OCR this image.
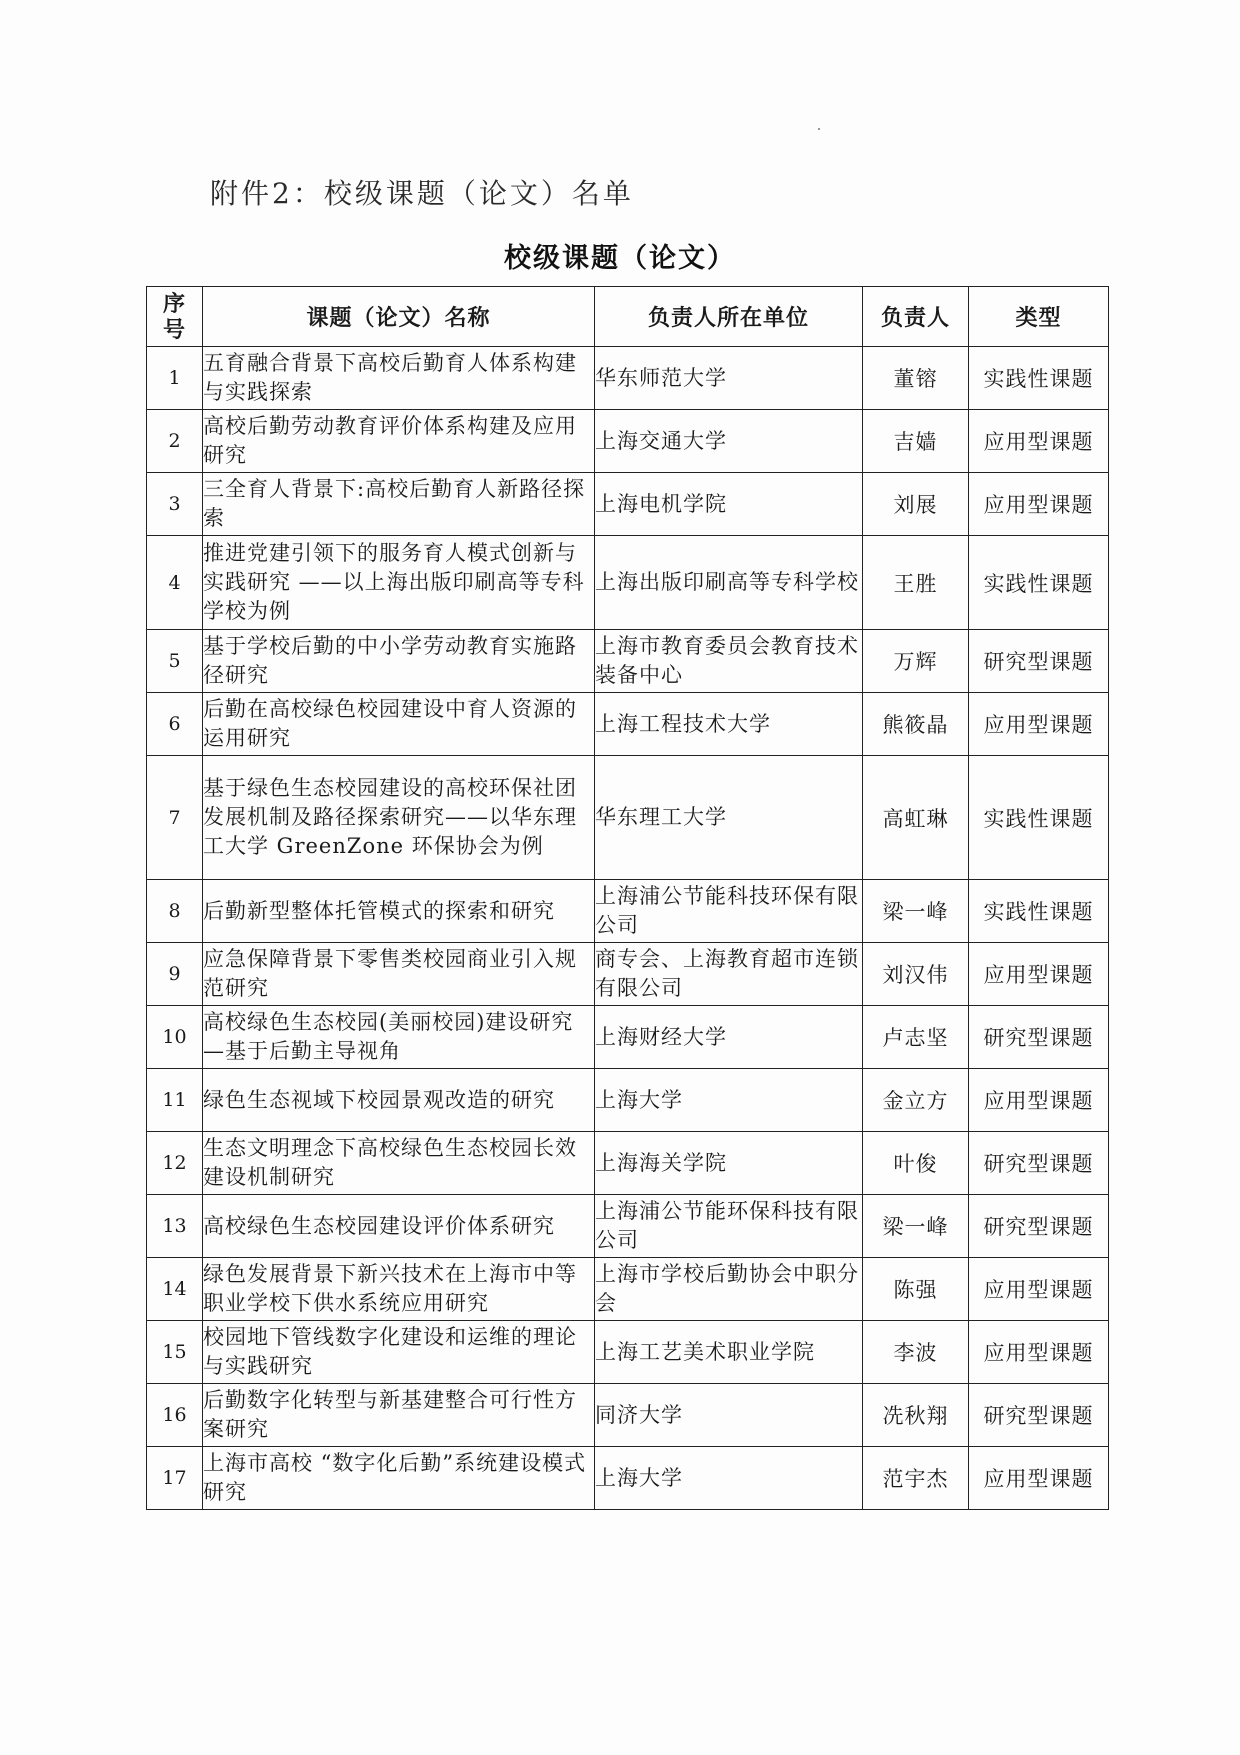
附件2：校级课题（论文）名单
校级课题（论文）
序号	课题（论文）名称	负责人所在单位	负责人	类型
1	五育融合背景下高校后勤育人体系构建与实践探索	华东师范大学	董镕	实践性课题
2	高校后勤劳动教育评价体系构建及应用研究	上海交通大学	吉嫱	应用型课题
3	三全育人背景下:高校后勤育人新路径探索	上海电机学院	刘展	应用型课题
4	推进党建引领下的服务育人模式创新与实践研究 ——以上海出版印刷高等专科学校为例	上海出版印刷高等专科学校	王胜	实践性课题
5	基于学校后勤的中小学劳动教育实施路径研究	上海市教育委员会教育技术装备中心	万辉	研究型课题
6	后勤在高校绿色校园建设中育人资源的运用研究	上海工程技术大学	熊筱晶	应用型课题
7	基于绿色生态校园建设的高校环保社团发展机制及路径探索研究——以华东理工大学 GreenZone 环保协会为例	华东理工大学	高虹琳	实践性课题
8	后勤新型整体托管模式的探索和研究	上海浦公节能科技环保有限公司	梁一峰	实践性课题
9	应急保障背景下零售类校园商业引入规范研究	商专会、上海教育超市连锁有限公司	刘汉伟	应用型课题
10	高校绿色生态校园(美丽校园)建设研究—基于后勤主导视角	上海财经大学	卢志坚	研究型课题
11	绿色生态视域下校园景观改造的研究	上海大学	金立方	应用型课题
12	生态文明理念下高校绿色生态校园长效建设机制研究	上海海关学院	叶俊	研究型课题
13	高校绿色生态校园建设评价体系研究	上海浦公节能环保科技有限公司	梁一峰	研究型课题
14	绿色发展背景下新兴技术在上海市中等职业学校下供水系统应用研究	上海市学校后勤协会中职分会	陈强	应用型课题
15	校园地下管线数字化建设和运维的理论与实践研究	上海工艺美术职业学院	李波	应用型课题
16	后勤数字化转型与新基建整合可行性方案研究	同济大学	冼秋翔	研究型课题
17	上海市高校 “数字化后勤”系统建设模式研究	上海大学	范宇杰	应用型课题
